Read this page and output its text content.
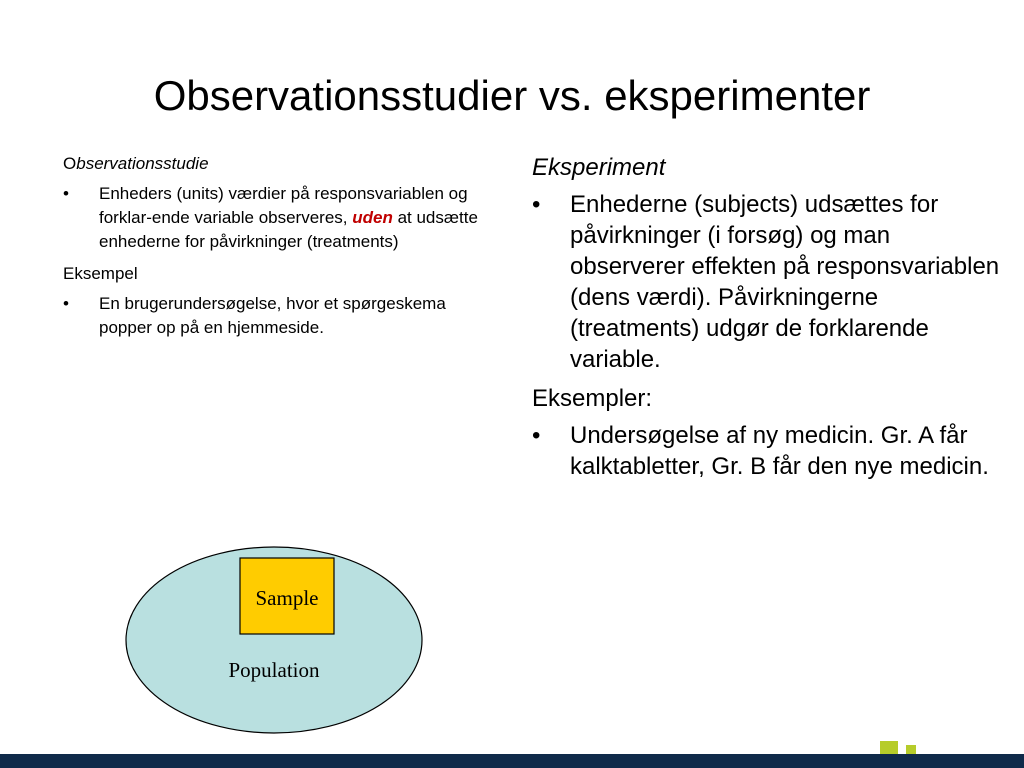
Observationsstudier vs. eksperimenter

Observationsstudie

• Enheders (units) værdier på responsvariablen og forklar-ende variable observeres, uden at udsætte enhederne for påvirkninger (treatments)

Eksempel

• En brugerundersøgelse, hvor et spørgeskema popper op på en hjemmeside.

Eksperiment

• Enhederne (subjects) udsættes for påvirkninger (i forsøg) og man observerer effekten på responsvariablen (dens værdi). Påvirkningerne (treatments) udgør de forklarende variable.

Eksempler:

• Undersøgelse af ny medicin. Gr. A får kalktabletter, Gr. B får den nye medicin.
Sample
Population
